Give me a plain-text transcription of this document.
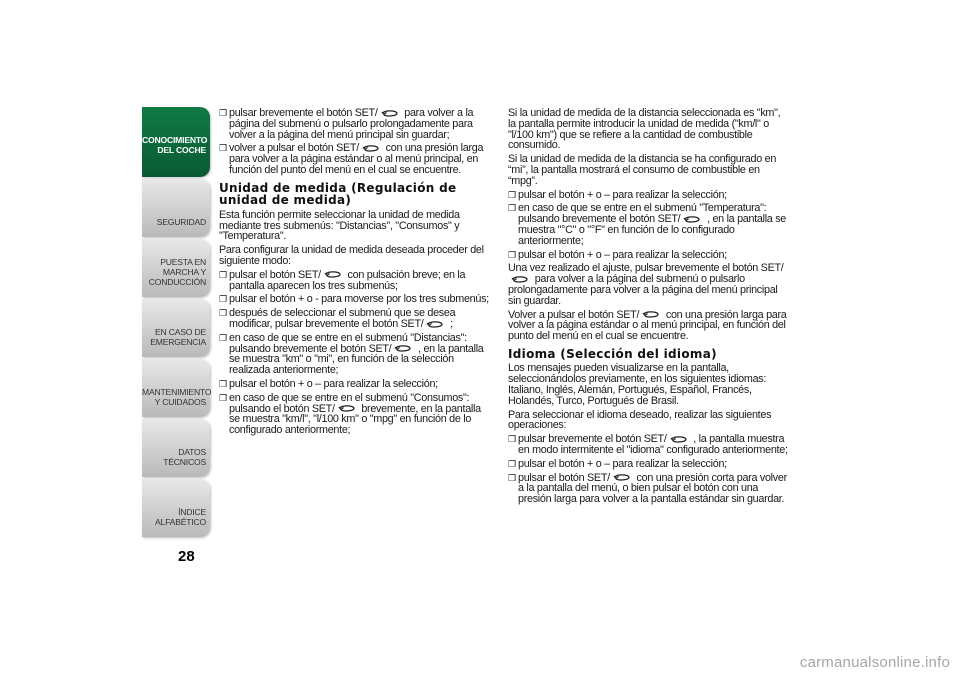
CONOCIMIENTO DEL COCHE
SEGURIDAD
PUESTA EN MARCHA Y CONDUCCIÓN
EN CASO DE EMERGENCIA
MANTENIMIENTO Y CUIDADOS
DATOS TÉCNICOS
ÍNDICE ALFABÉTICO
28
❒ pulsar brevemente el botón SET/ para volver a la página del submenú o pulsarlo prolongadamente para volver a la página del menú principal sin guardar;
❒ volver a pulsar el botón SET/ con una presión larga para volver a la página estándar o al menú principal, en función del punto del menú en el cual se encuentre.
Unidad de medida (Regulación de unidad de medida)

Esta función permite seleccionar la unidad de medida mediante tres submenús: "Distancias", "Consumos" y "Temperatura".

Para configurar la unidad de medida deseada proceder del siguiente modo:

❒ pulsar el botón SET/ con pulsación breve; en la pantalla aparecen los tres submenús;
❒ pulsar el botón + o - para moverse por los tres submenús;
❒ después de seleccionar el submenú que se desea modificar, pulsar brevemente el botón SET/ ;
❒ en caso de que se entre en el submenú "Distancias": pulsando brevemente el botón SET/ , en la pantalla se muestra "km" o "mi", en función de la selección realizada anteriormente;
❒ pulsar el botón + o – para realizar la selección;
❒ en caso de que se entre en el submenú "Consumos": pulsando el botón SET/ brevemente, en la pantalla se muestra "km/l", "l/100 km" o "mpg" en función de lo configurado anteriormente;

Si la unidad de medida de la distancia seleccionada es "km", la pantalla permite introducir la unidad de medida ("km/l" o "l/100 km") que se refiere a la cantidad de combustible consumido.

Si la unidad de medida de la distancia se ha configurado en “mi”, la pantalla mostrará el consumo de combustible en “mpg”.

❒ pulsar el botón + o – para realizar la selección;
❒ en caso de que se entre en el submenú "Temperatura": pulsando brevemente el botón SET/ , en la pantalla se muestra "°C" o "°F" en función de lo configurado anteriormente;
❒ pulsar el botón + o – para realizar la selección;

Una vez realizado el ajuste, pulsar brevemente el botón SET/ para volver a la página del submenú o pulsarlo prolongadamente para volver a la página del menú principal sin guardar.

Volver a pulsar el botón SET/ con una presión larga para volver a la página estándar o al menú principal, en función del punto del menú en el cual se encuentre.

Idioma (Selección del idioma)

Los mensajes pueden visualizarse en la pantalla, seleccionándolos previamente, en los siguientes idiomas: Italiano, Inglés, Alemán, Portugués, Español, Francés, Holandés, Turco, Portugués de Brasil.

Para seleccionar el idioma deseado, realizar las siguientes operaciones:

❒ pulsar brevemente el botón SET/ , la pantalla muestra en modo intermitente el "idioma" configurado anteriormente;
❒ pulsar el botón + o – para realizar la selección;
❒ pulsar el botón SET/ con una presión corta para volver a la pantalla del menú, o bien pulsar el botón con una presión larga para volver a la pantalla estándar sin guardar.
carmanualsonline.info
